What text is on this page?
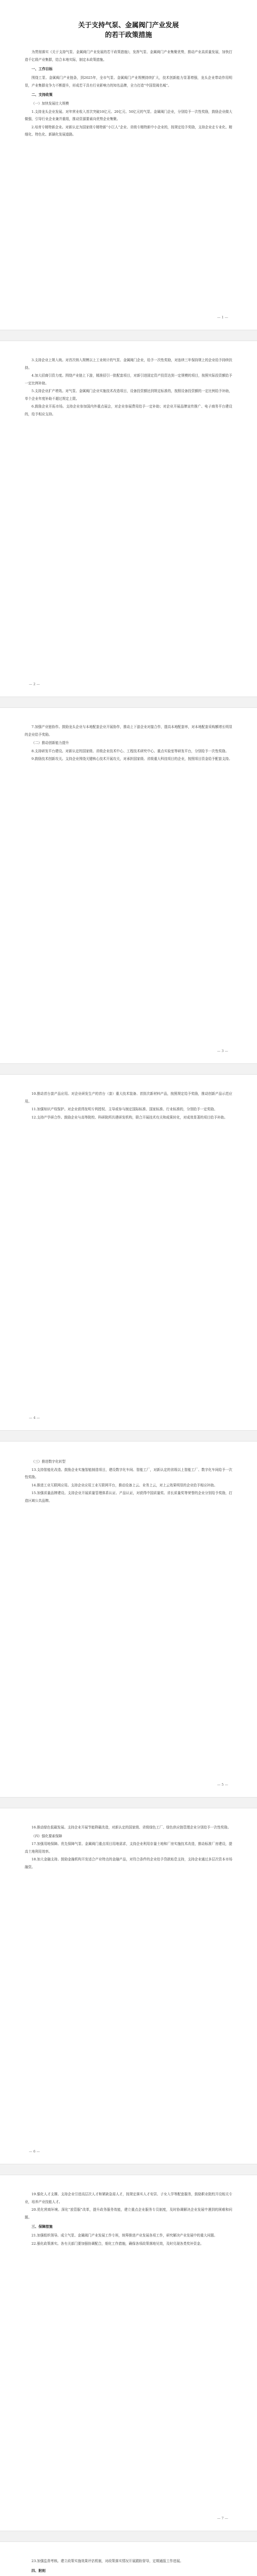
关于支持气泵、金属阀门产业发展
的若干政策措施

为贯彻落实《关于支持气泵、金属阀门产业发展的若干政策措施》，发挥气泵、金属阀门产业集聚优势，推动产业高质量发展，加快打造千亿级产业集群，结合本地实际，制定本政策措施。

一、工作目标

围绕工泵、金属阀门产业链条，到2025年，全市气泵、金属阀门产业规模持续扩大，技术创新能力显著增强，龙头企业带动作用明显，产业集群竞争力不断提升，形成若干具有行业影响力的知名品牌，全力打造“中国泵阀名城”。

二、支持政策

（一）加快发展壮大规模

1.支持龙头企业发展。对年营业收入首次突破10亿元、20亿元、50亿元的气泵、金属阀门企业，分别给予一次性奖励，鼓励企业做大做强，引导行业企业兼并重组，推动资源要素向优势企业集聚。

2.培育专精特新企业。对新认定为国家级专精特新“小巨人”企业、省级专精特新中小企业的，按规定给予奖励，支持企业走专业化、精细化、特色化、新颖化发展道路。

— 1 —

3.支持企业上规入统。对首次纳入规模以上工业统计的气泵、金属阀门企业，给予一次性奖励，对连续三年保持规上的企业给予持续扶持。

4.加大招商引资力度。围绕产业链上下游，精准招引一批配套项目，对新引进固定资产投资达到一定规模的项目，按照实际投资额给予一定比例补助。

5.支持企业扩产增效。对气泵、金属阀门企业实施技术改造项目，设备投资额达到规定标准的，按照设备投资额的一定比例给予补助，单个企业年度补助不超过规定上限。

6.鼓励企业开拓市场。支持企业参加国内外重点展会，对企业参展费用给予一定补助；对企业开展品牌宣传推广、电子商务平台建设的，给予相应支持。

— 2 —

7.加强产业链协作。鼓励龙头企业与本地配套企业开展协作，推动上下游企业对接合作，提高本地配套率，对本地配套采购额增长明显的企业给予奖励。

（二）推动创新能力提升

8.支持研发平台建设。对新认定的国家级、省级企业技术中心、工程技术研究中心、重点实验室等研发平台，分别给予一次性奖励。

9.鼓励技术创新攻关。支持企业围绕关键核心技术开展攻关，对承担国家级、省级重大科技项目的企业，按照项目资金给予配套支持。

— 3 —

10.推动首台套产品应用。对企业研发生产的首台（套）重大技术装备、首批次新材料产品，按照规定给予奖励，推动创新产品示范应用。

11.加强知识产权保护。对企业获得发明专利授权、主导或参与制定国际标准、国家标准、行业标准的，分别给予一定奖励。

12.支持产学研合作。鼓励企业与高等院校、科研院所共建研发机构，联合开展技术攻关和成果转化，对成效显著的项目给予补助。

— 4 —

（三）推进数字化转型

13.支持智能化改造。鼓励企业实施智能制造项目，建设数字化车间、智能工厂，对新认定的省级以上智能工厂、数字化车间给予一次性奖励。

14.推进工业互联网应用。支持企业应用工业互联网平台，推动设备上云、业务上云，对上云效果明显的企业给予相应补助。

15.加强质量品牌建设。支持企业开展质量管理体系认证、产品认证，对获得中国质量奖、省长质量奖等荣誉的企业分别给予奖励，打造区域公共品牌。

— 5 —

16.推动绿色低碳发展。支持企业开展节能降碳改造，对新认定的国家级、省级绿色工厂、绿色供应链管理企业分别给予一次性奖励。

（四）强化要素保障

17.加强用地保障。优先保障气泵、金属阀门重点项目用地需求，支持企业利用存量土地和厂房实施技术改造，推动标准厂房建设，提高土地利用效率。

18.加大金融支持。鼓励金融机构开发适合产业特点的金融产品，对符合条件的企业给予贷款贴息支持，支持企业通过多层次资本市场融资。

— 6 —

19.强化人才支撑。支持企业引进高层次人才和紧缺急需人才，按规定落实人才安居、子女入学等配套服务，鼓励职业院校开设相关专业，培养产业技能人才。

20.优化营商环境。深化“放管服”改革，提升政务服务效能，建立重点企业服务专员制度，及时协调解决企业发展中遇到的困难和问题。

三、保障措施

21.加强组织领导。成立气泵、金属阀门产业发展工作专班，统筹推进产业发展各项工作，研究解决产业发展中的重大问题。

22.强化政策落实。各有关部门要加强协调配合，细化工作措施，确保各项政策落地见效，及时兑现各类奖补资金。

— 7 —

23.加强监督考核。建立政策实施效果评估机制，对政策落实情况开展跟踪督导，定期通报工作进展。

四、附则
